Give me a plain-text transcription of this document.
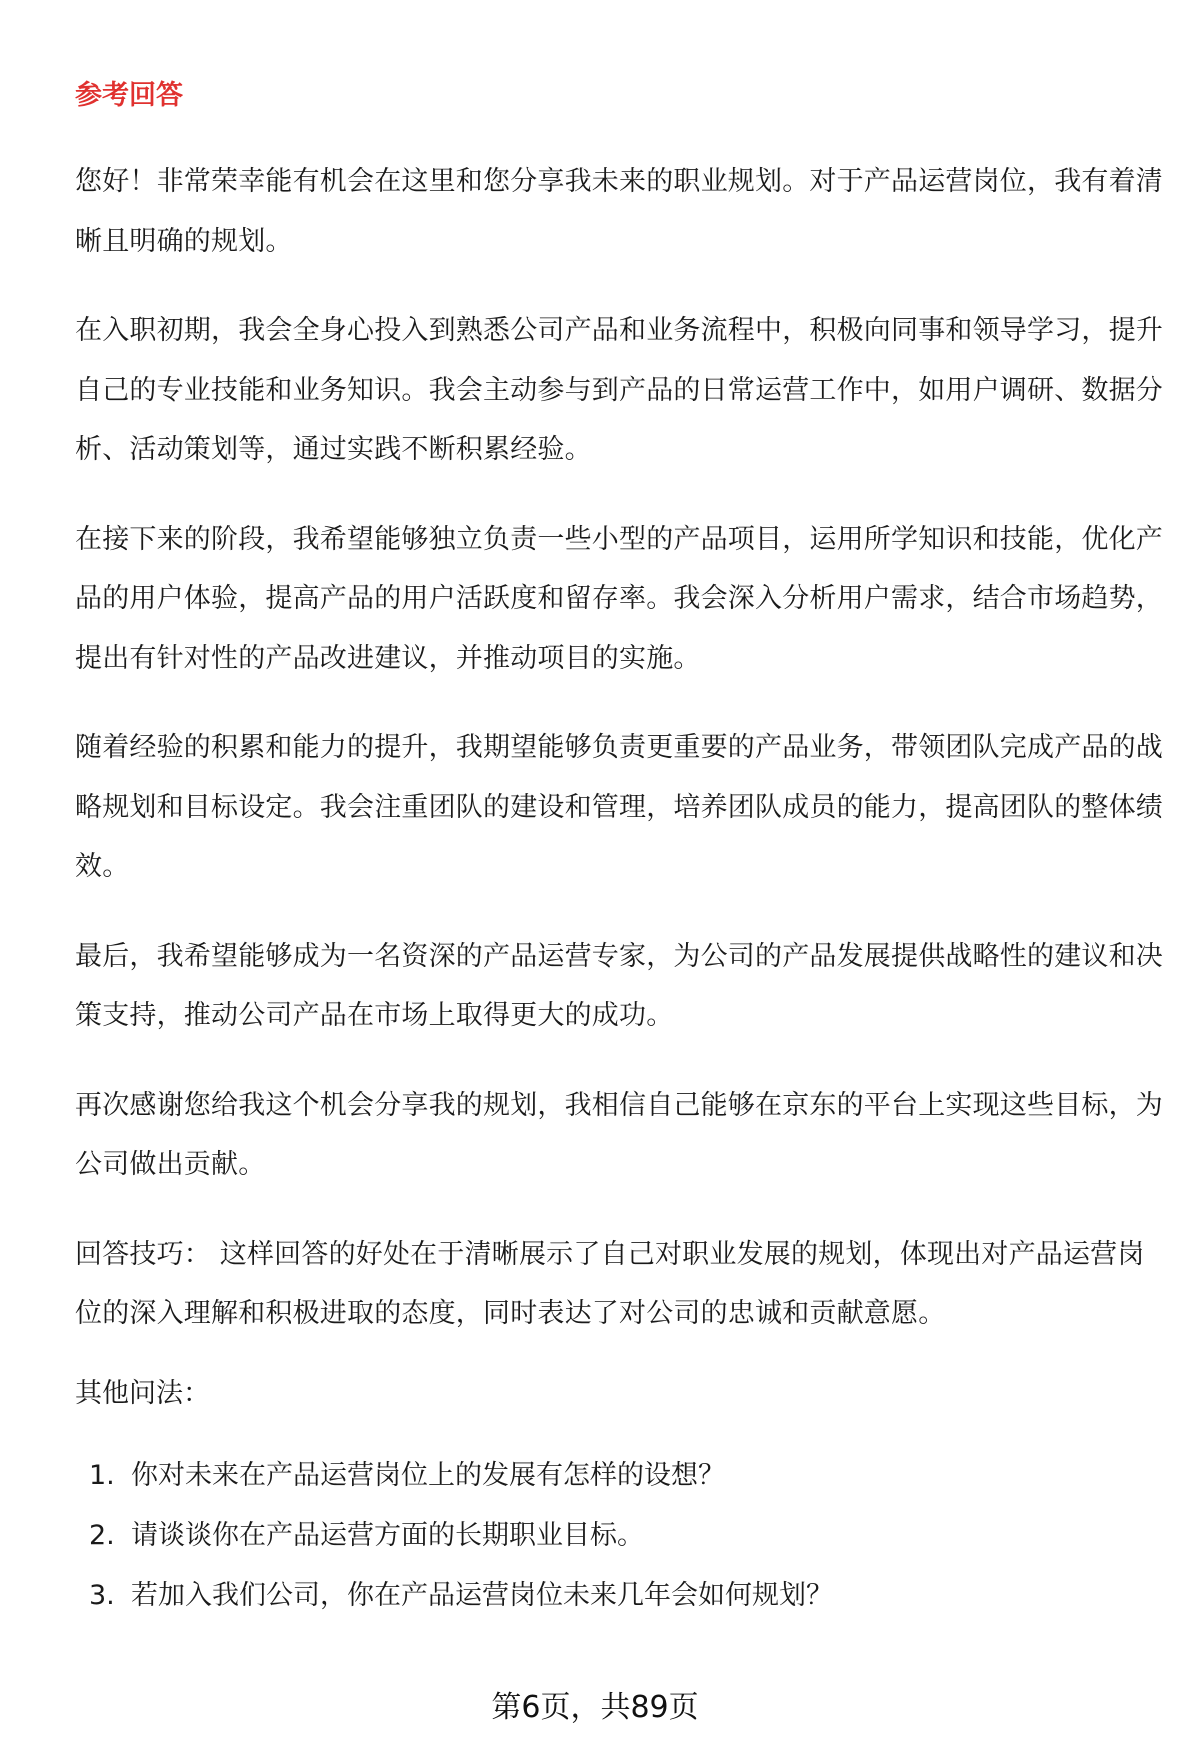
参考回答

您好！非常荣幸能有机会在这里和您分享我未来的职业规划。对于产品运营岗位，我有着清晰且明确的规划。

在入职初期，我会全身心投入到熟悉公司产品和业务流程中，积极向同事和领导学习，提升自己的专业技能和业务知识。我会主动参与到产品的日常运营工作中，如用户调研、数据分析、活动策划等，通过实践不断积累经验。

在接下来的阶段，我希望能够独立负责一些小型的产品项目，运用所学知识和技能，优化产品的用户体验，提高产品的用户活跃度和留存率。我会深入分析用户需求，结合市场趋势，提出有针对性的产品改进建议，并推动项目的实施。

随着经验的积累和能力的提升，我期望能够负责更重要的产品业务，带领团队完成产品的战略规划和目标设定。我会注重团队的建设和管理，培养团队成员的能力，提高团队的整体绩效。

最后，我希望能够成为一名资深的产品运营专家，为公司的产品发展提供战略性的建议和决策支持，推动公司产品在市场上取得更大的成功。

再次感谢您给我这个机会分享我的规划，我相信自己能够在京东的平台上实现这些目标，为公司做出贡献。

回答技巧： 这样回答的好处在于清晰展示了自己对职业发展的规划，体现出对产品运营岗位的深入理解和积极进取的态度，同时表达了对公司的忠诚和贡献意愿。

其他问法：
1. 你对未来在产品运营岗位上的发展有怎样的设想？
2. 请谈谈你在产品运营方面的长期职业目标。
3. 若加入我们公司，你在产品运营岗位未来几年会如何规划？
第6页，共89页
